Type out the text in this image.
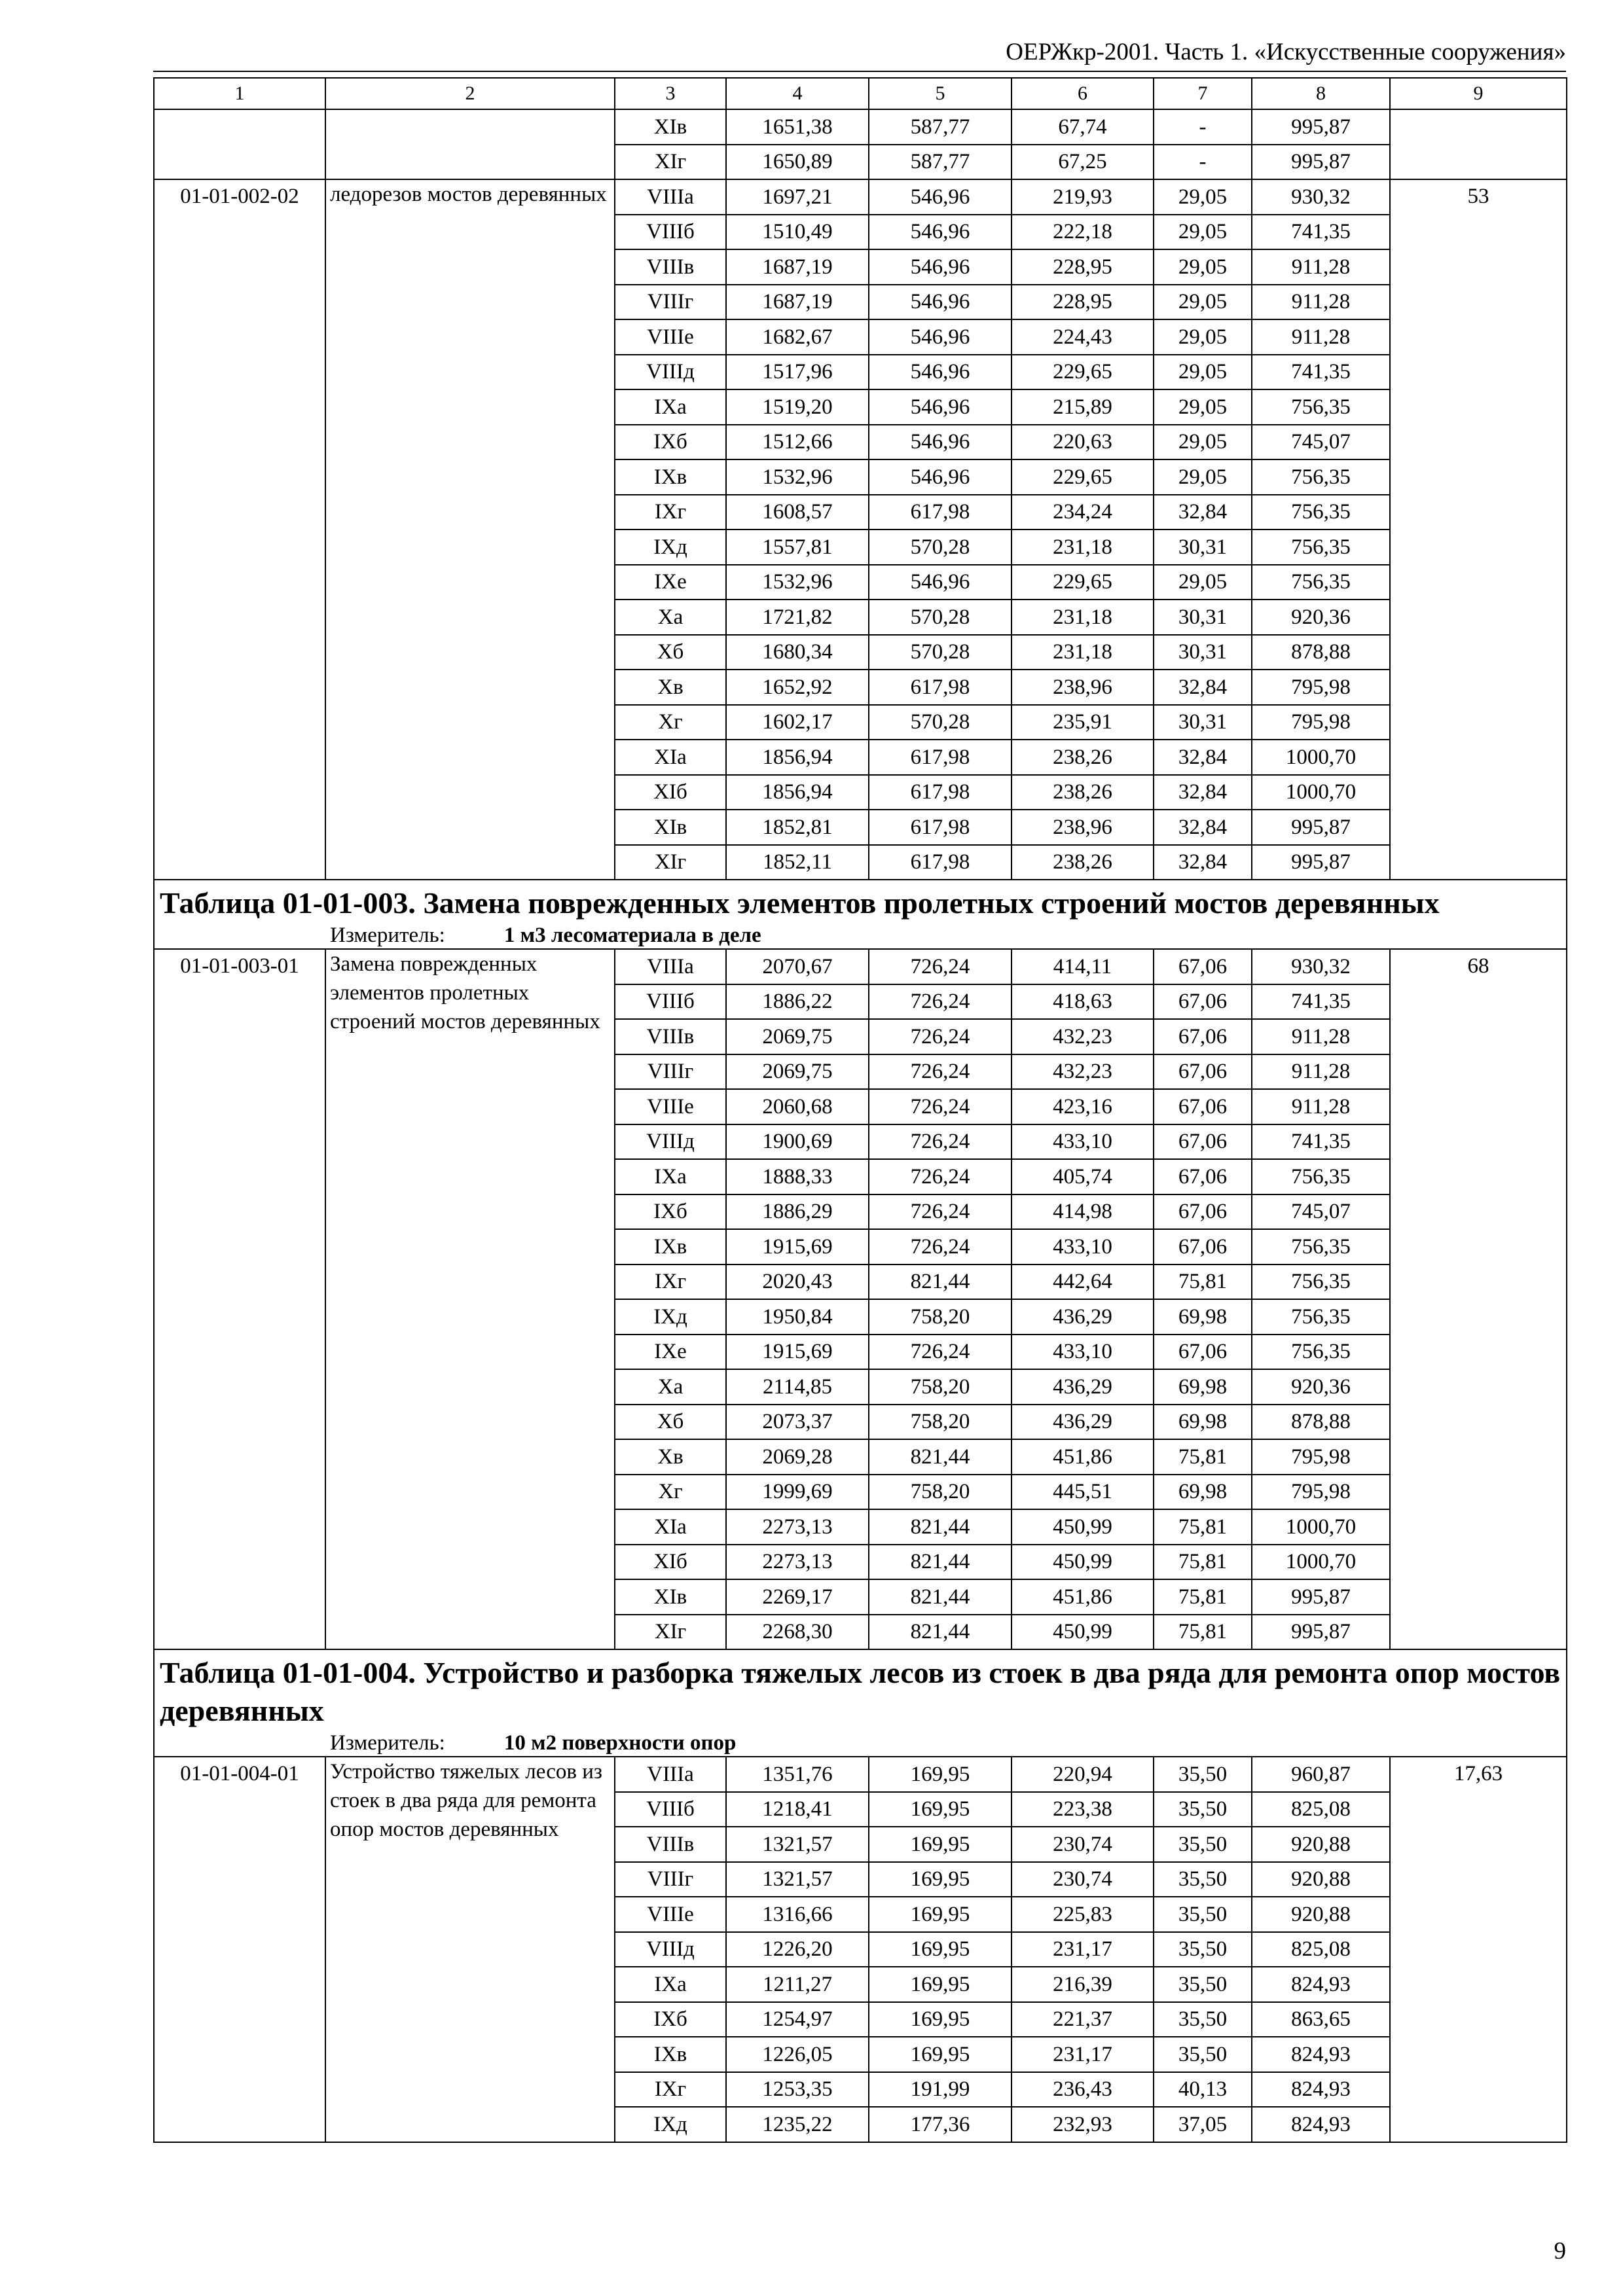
ОЕРЖкр-2001. Часть 1. «Искусственные сооружения»
1	2	3	4	5	6	7	8	9
		XIв	1651,38	587,77	67,74	-	995,87	
		XIг	1650,89	587,77	67,25	-	995,87	
01-01-002-02	ледорезов мостов деревянных	VIIIа	1697,21	546,96	219,93	29,05	930,32	53
		VIIIб	1510,49	546,96	222,18	29,05	741,35	
		VIIIв	1687,19	546,96	228,95	29,05	911,28	
		VIIIг	1687,19	546,96	228,95	29,05	911,28	
		VIIIе	1682,67	546,96	224,43	29,05	911,28	
		VIIIд	1517,96	546,96	229,65	29,05	741,35	
		IXа	1519,20	546,96	215,89	29,05	756,35	
		IXб	1512,66	546,96	220,63	29,05	745,07	
		IXв	1532,96	546,96	229,65	29,05	756,35	
		IXг	1608,57	617,98	234,24	32,84	756,35	
		IXд	1557,81	570,28	231,18	30,31	756,35	
		IXе	1532,96	546,96	229,65	29,05	756,35	
		Xа	1721,82	570,28	231,18	30,31	920,36	
		Xб	1680,34	570,28	231,18	30,31	878,88	
		Xв	1652,92	617,98	238,96	32,84	795,98	
		Xг	1602,17	570,28	235,91	30,31	795,98	
		XIа	1856,94	617,98	238,26	32,84	1000,70	
		XIб	1856,94	617,98	238,26	32,84	1000,70	
		XIв	1852,81	617,98	238,96	32,84	995,87	
		XIг	1852,11	617,98	238,26	32,84	995,87	
Таблица 01-01-003. Замена поврежденных элементов пролетных строений мостов деревянных
Измеритель: 1 м3 лесоматериала в деле								

01-01-003-01	Замена поврежденных элементов пролетных строений мостов деревянных	VIIIа	2070,67	726,24	414,11	67,06	930,32	68
		VIIIб	1886,22	726,24	418,63	67,06	741,35	
		VIIIв	2069,75	726,24	432,23	67,06	911,28	
		VIIIг	2069,75	726,24	432,23	67,06	911,28	
		VIIIе	2060,68	726,24	423,16	67,06	911,28	
		VIIIд	1900,69	726,24	433,10	67,06	741,35	
		IXа	1888,33	726,24	405,74	67,06	756,35	
		IXб	1886,29	726,24	414,98	67,06	745,07	
		IXв	1915,69	726,24	433,10	67,06	756,35	
		IXг	2020,43	821,44	442,64	75,81	756,35	
		IXд	1950,84	758,20	436,29	69,98	756,35	
		IXе	1915,69	726,24	433,10	67,06	756,35	
		Xа	2114,85	758,20	436,29	69,98	920,36	
		Xб	2073,37	758,20	436,29	69,98	878,88	
		Xв	2069,28	821,44	451,86	75,81	795,98	
		Xг	1999,69	758,20	445,51	69,98	795,98	
		XIа	2273,13	821,44	450,99	75,81	1000,70	
		XIб	2273,13	821,44	450,99	75,81	1000,70	
		XIв	2269,17	821,44	451,86	75,81	995,87	
		XIг	2268,30	821,44	450,99	75,81	995,87	
Таблица 01-01-004. Устройство и разборка тяжелых лесов из стоек в два ряда для ремонта опор мостов деревянных
Измеритель: 10 м2 поверхности опор								

01-01-004-01	Устройство тяжелых лесов из стоек в два ряда для ремонта опор мостов деревянных	VIIIа	1351,76	169,95	220,94	35,50	960,87	17,63
		VIIIб	1218,41	169,95	223,38	35,50	825,08	
		VIIIв	1321,57	169,95	230,74	35,50	920,88	
		VIIIг	1321,57	169,95	230,74	35,50	920,88	
		VIIIе	1316,66	169,95	225,83	35,50	920,88	
		VIIIд	1226,20	169,95	231,17	35,50	825,08	
		IXа	1211,27	169,95	216,39	35,50	824,93	
		IXб	1254,97	169,95	221,37	35,50	863,65	
		IXв	1226,05	169,95	231,17	35,50	824,93	
		IXг	1253,35	191,99	236,43	40,13	824,93	
		IXд	1235,22	177,36	232,93	37,05	824,93	
9
